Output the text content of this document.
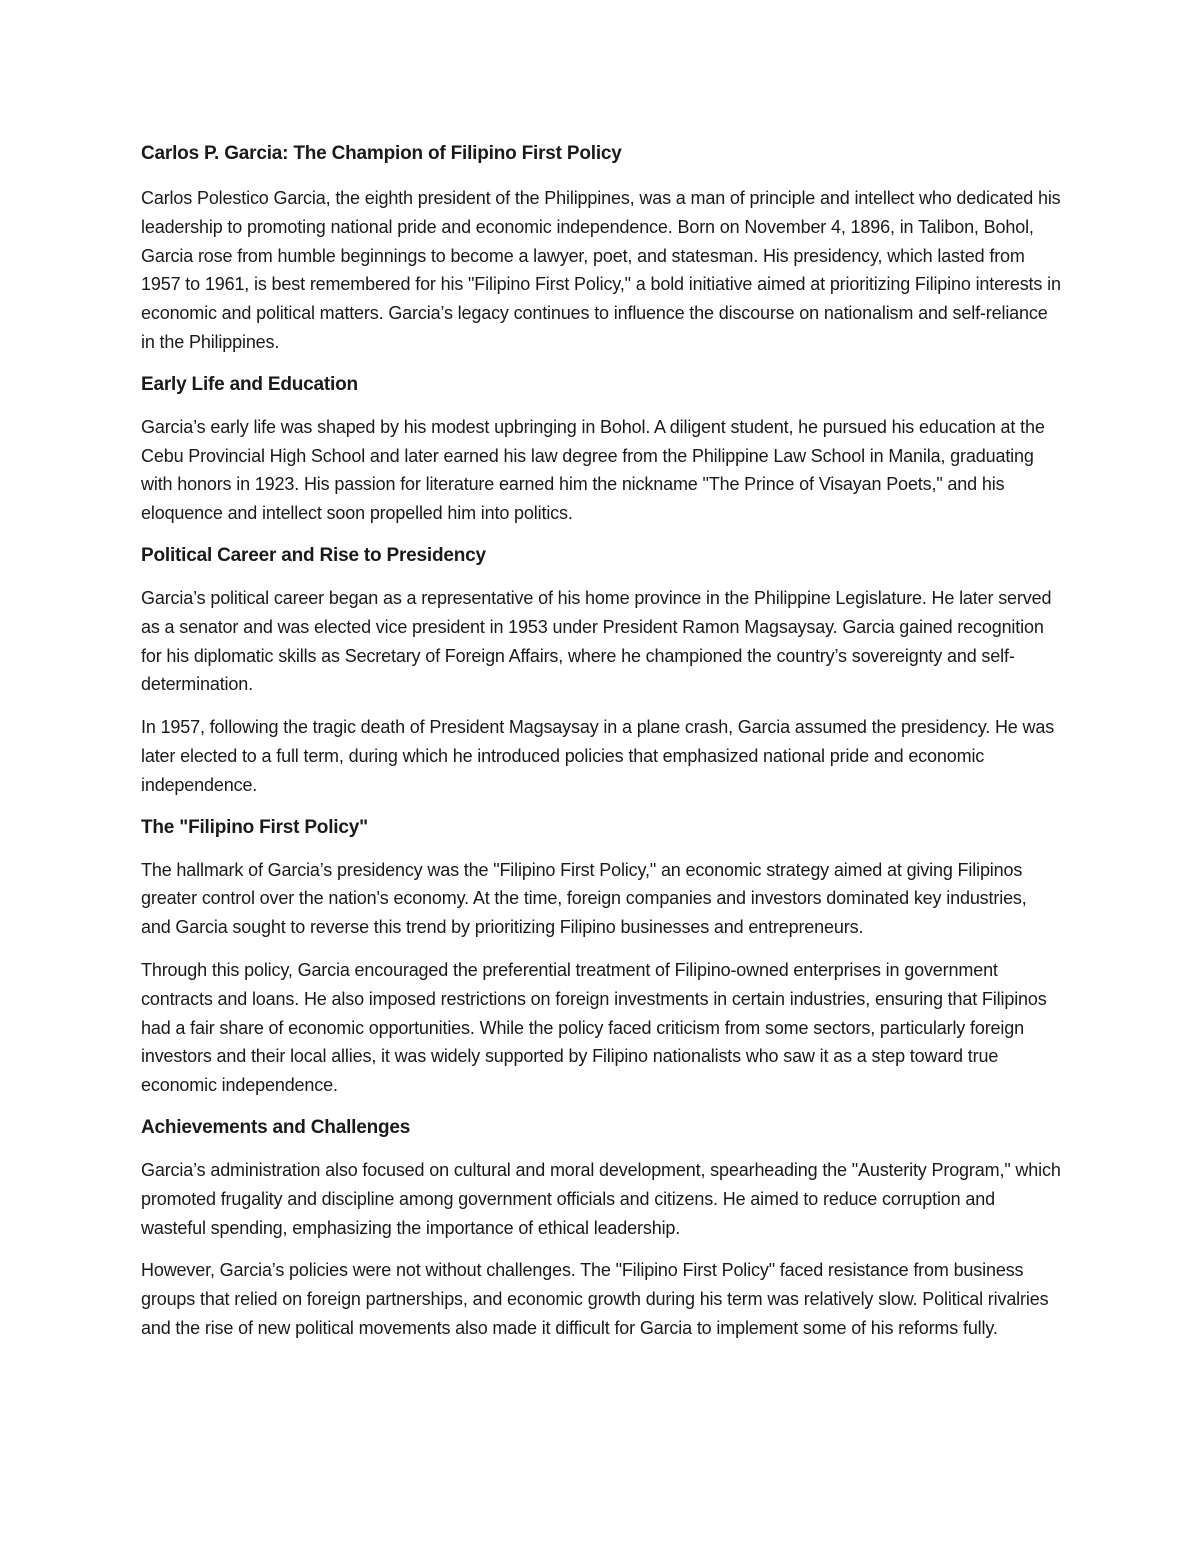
Carlos P. Garcia: The Champion of Filipino First Policy

Carlos Polestico Garcia, the eighth president of the Philippines, was a man of principle and intellect who dedicated his leadership to promoting national pride and economic independence. Born on November 4, 1896, in Talibon, Bohol, Garcia rose from humble beginnings to become a lawyer, poet, and statesman. His presidency, which lasted from 1957 to 1961, is best remembered for his "Filipino First Policy," a bold initiative aimed at prioritizing Filipino interests in economic and political matters. Garcia’s legacy continues to influence the discourse on nationalism and self-reliance in the Philippines.

Early Life and Education

Garcia’s early life was shaped by his modest upbringing in Bohol. A diligent student, he pursued his education at the Cebu Provincial High School and later earned his law degree from the Philippine Law School in Manila, graduating with honors in 1923. His passion for literature earned him the nickname "The Prince of Visayan Poets," and his eloquence and intellect soon propelled him into politics.

Political Career and Rise to Presidency

Garcia’s political career began as a representative of his home province in the Philippine Legislature. He later served as a senator and was elected vice president in 1953 under President Ramon Magsaysay. Garcia gained recognition for his diplomatic skills as Secretary of Foreign Affairs, where he championed the country’s sovereignty and self-determination.

In 1957, following the tragic death of President Magsaysay in a plane crash, Garcia assumed the presidency. He was later elected to a full term, during which he introduced policies that emphasized national pride and economic independence.

The "Filipino First Policy"

The hallmark of Garcia’s presidency was the "Filipino First Policy," an economic strategy aimed at giving Filipinos greater control over the nation's economy. At the time, foreign companies and investors dominated key industries, and Garcia sought to reverse this trend by prioritizing Filipino businesses and entrepreneurs.

Through this policy, Garcia encouraged the preferential treatment of Filipino-owned enterprises in government contracts and loans. He also imposed restrictions on foreign investments in certain industries, ensuring that Filipinos had a fair share of economic opportunities. While the policy faced criticism from some sectors, particularly foreign investors and their local allies, it was widely supported by Filipino nationalists who saw it as a step toward true economic independence.

Achievements and Challenges

Garcia’s administration also focused on cultural and moral development, spearheading the "Austerity Program," which promoted frugality and discipline among government officials and citizens. He aimed to reduce corruption and wasteful spending, emphasizing the importance of ethical leadership.

However, Garcia’s policies were not without challenges. The "Filipino First Policy" faced resistance from business groups that relied on foreign partnerships, and economic growth during his term was relatively slow. Political rivalries and the rise of new political movements also made it difficult for Garcia to implement some of his reforms fully.
